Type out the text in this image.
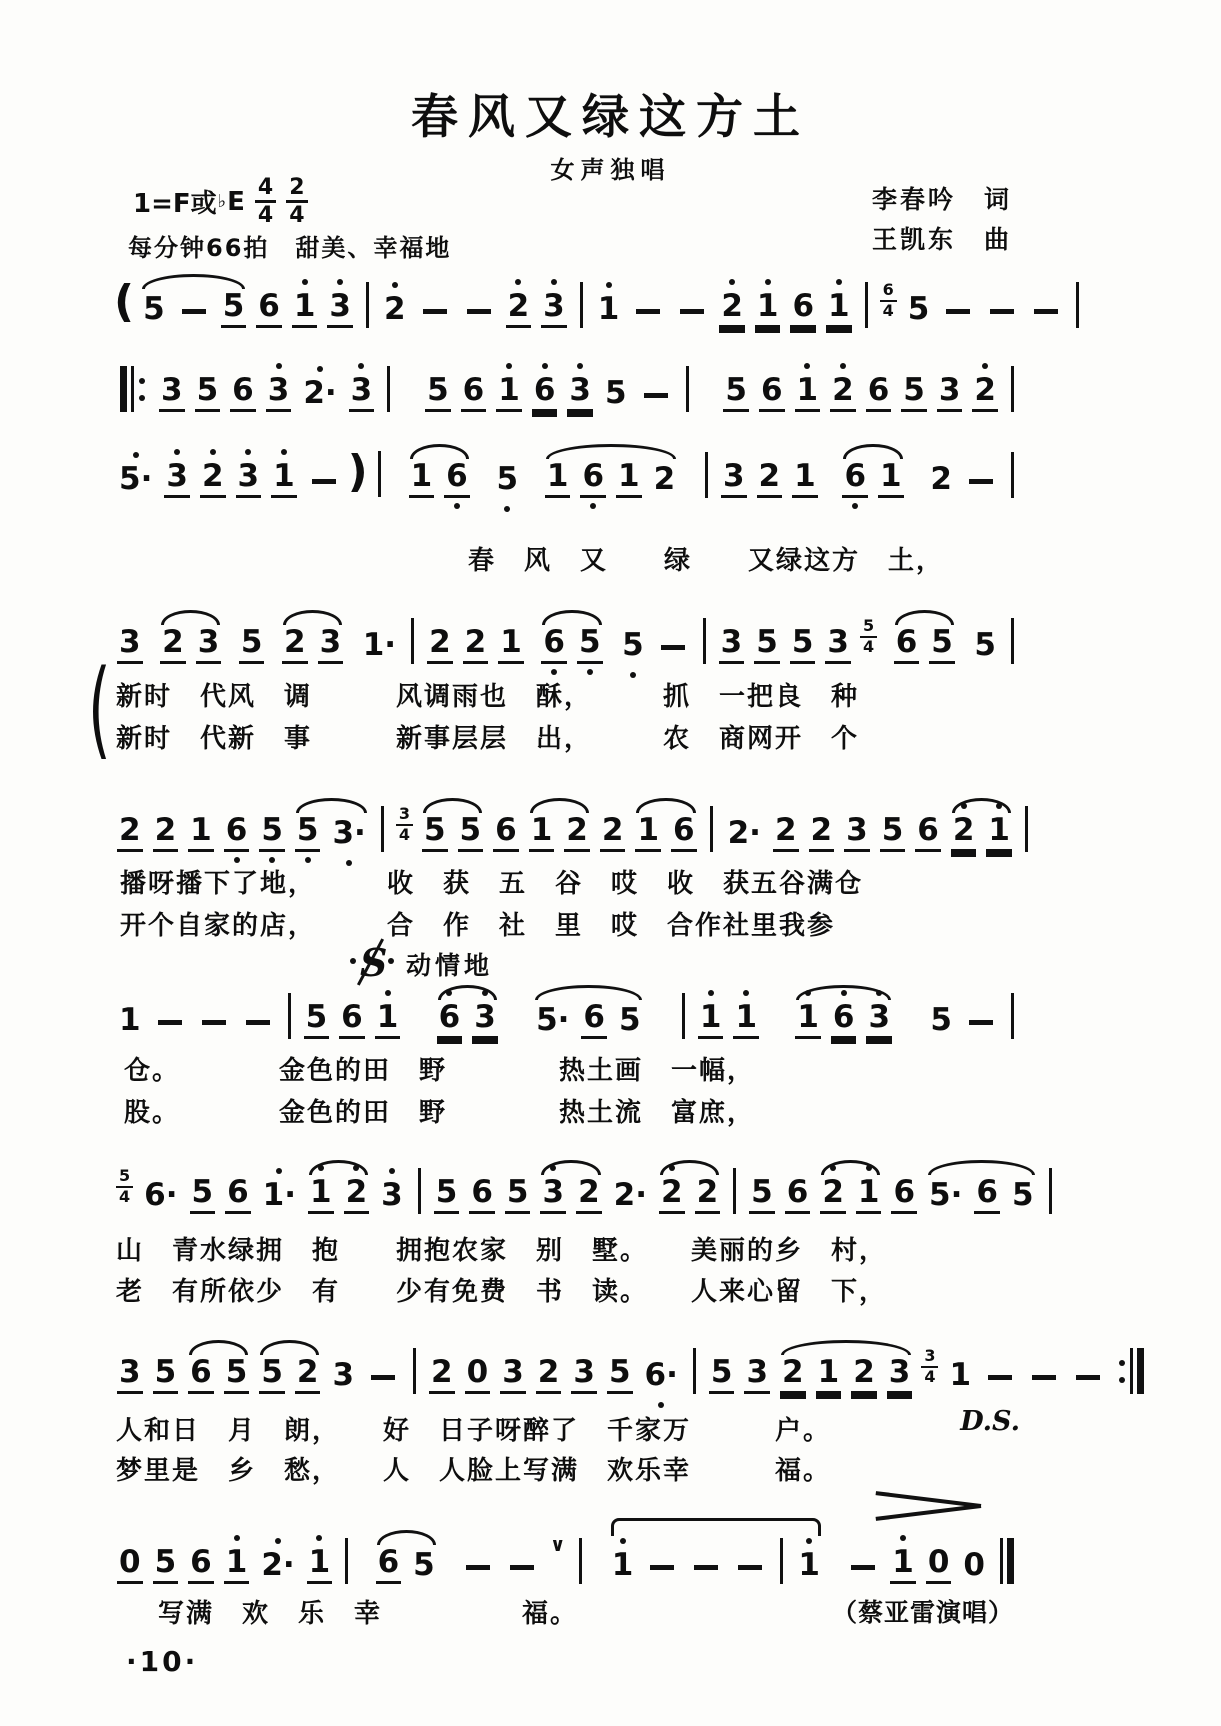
春风又绿这方土
女声独唱
1=F或 ♭ E $\frac{4}{4} \frac{2}{4}$
每分钟66拍　甜美、幸福地
李春吟　词
王凯东　曲
( 5 5 6 1 3 2	2 3 1	2 1 6 1 6
4 5
3 5 6 3 2· 3 5 6 1 6 3 5	5 6 1 2 6 5 3 2
5· 3 2 3 1 ) 1 6 5 1 6 1 2 3 2 1 6 1 2
春　风　又　　绿　　又绿这方　土，
3 2 3 5 2 3 1· 2 2 1 6 5 5 3 5 5 3 5
4 6 5 5
新时　代风　调　　　风调雨也　酥，　　　抓　一把良　种
新时　代新　事　　　新事层层　出，　　　农　商网开　个
2 2 1 6 5 5 3·
3
4 5 5 6 1 2 2 1 6 2· 2 2 3 5 6 2 1
播呀播下了地，　　　收　获　五　谷　哎　收　获五谷满仓
开个自家的店，　　　合　作　社　里　哎　合作社里我参
1	5 6 1 6 3 5· 6 5 1 1 1 6 3 5
仓。　　　　金色的田　野　　　　热土画　一幅，
股。　　　　金色的田　野　　　　热土流　富庶，
5
4 6· 5 6 1· 1 2 3 5 6 5 3 2 2· 2 2 5 6 2 1 6 5· 6 5
山　青水绿拥　抱　　拥抱农家　别　墅。　　美丽的乡　村，
老　有所依少　有　　少有免费　书　读。　　人来心留　下，
3 5 6 5 5 2 3 2 0 3 2 3 5 6· 5 3 2 1 2 3 3
4 1
人和日　月　朗，　　好　日子呀醉了　千家万　　　户。
梦里是　乡　愁，　　人　人脸上写满　欢乐幸　　　福。
0 5 6 1 2· 1 6 5
∨
1	1 1 0 0
写满　欢　乐　幸　　　　　福。
S 动情地
(
D.S.
（蔡亚雷演唱）
·10·
